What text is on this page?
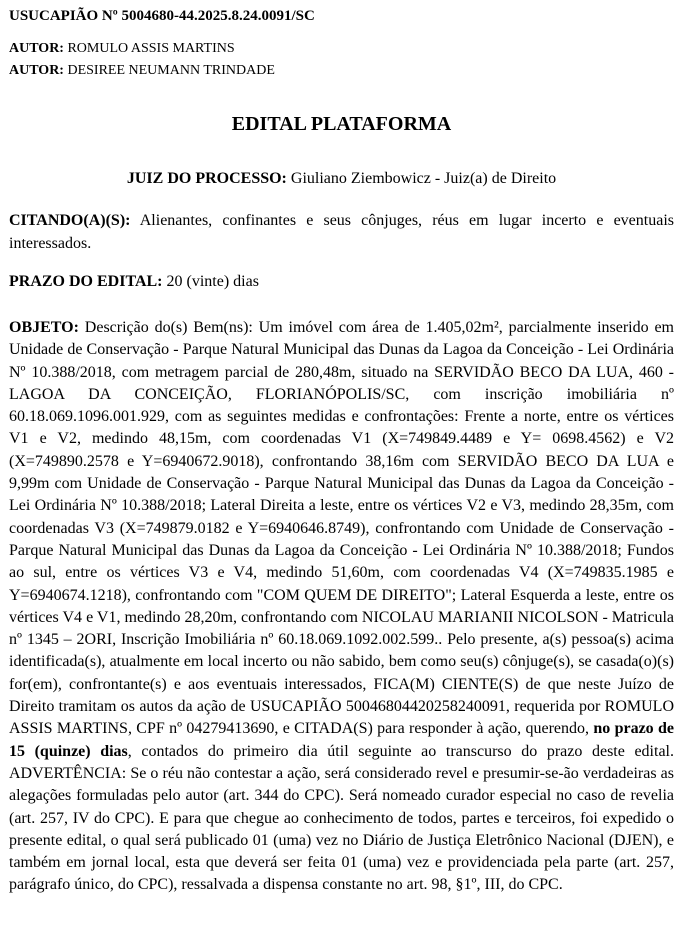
USUCAPIÃO Nº 5004680-44.2025.8.24.0091/SC

AUTOR: ROMULO ASSIS MARTINS
AUTOR: DESIREE NEUMANN TRINDADE
EDITAL PLATAFORMA
JUIZ DO PROCESSO: Giuliano Ziembowicz - Juiz(a) de Direito

CITANDO(A)(S): Alienantes, confinantes e seus cônjuges, réus em lugar incerto e eventuais interessados.

PRAZO DO EDITAL: 20 (vinte) dias

OBJETO: Descrição do(s) Bem(ns): Um imóvel com área de 1.405,02m², parcialmente inserido em Unidade de Conservação - Parque Natural Municipal das Dunas da Lagoa da Conceição - Lei Ordinária Nº 10.388/2018, com metragem parcial de 280,48m, situado na SERVIDÃO BECO DA LUA, 460 - LAGOA DA CONCEIÇÃO, FLORIANÓPOLIS/SC, com inscrição imobiliária nº 60.18.069.1096.001.929, com as seguintes medidas e confrontações: Frente a norte, entre os vértices V1 e V2, medindo 48,15m, com coordenadas V1 (X=749849.4489 e Y= 0698.4562) e V2 (X=749890.2578 e Y=6940672.9018), confrontando 38,16m com SERVIDÃO BECO DA LUA e 9,99m com Unidade de Conservação - Parque Natural Municipal das Dunas da Lagoa da Conceição - Lei Ordinária Nº 10.388/2018; Lateral Direita a leste, entre os vértices V2 e V3, medindo 28,35m, com coordenadas V3 (X=749879.0182 e Y=6940646.8749), confrontando com Unidade de Conservação - Parque Natural Municipal das Dunas da Lagoa da Conceição - Lei Ordinária Nº 10.388/2018; Fundos ao sul, entre os vértices V3 e V4, medindo 51,60m, com coordenadas V4 (X=749835.1985 e Y=6940674.1218), confrontando com "COM QUEM DE DIREITO"; Lateral Esquerda a leste, entre os vértices V4 e V1, medindo 28,20m, confrontando com NICOLAU MARIANII NICOLSON - Matricula nº 1345 – 2ORI, Inscrição Imobiliária nº 60.18.069.1092.002.599.. Pelo presente, a(s) pessoa(s) acima identificada(s), atualmente em local incerto ou não sabido, bem como seu(s) cônjuge(s), se casada(o)(s) for(em), confrontante(s) e aos eventuais interessados, FICA(M) CIENTE(S) de que neste Juízo de Direito tramitam os autos da ação de USUCAPIÃO 50046804420258240091, requerida por ROMULO ASSIS MARTINS, CPF nº 04279413690, e CITADA(S) para responder à ação, querendo, no prazo de 15 (quinze) dias, contados do primeiro dia útil seguinte ao transcurso do prazo deste edital. ADVERTÊNCIA: Se o réu não contestar a ação, será considerado revel e presumir-se-ão verdadeiras as alegações formuladas pelo autor (art. 344 do CPC). Será nomeado curador especial no caso de revelia (art. 257, IV do CPC). E para que chegue ao conhecimento de todos, partes e terceiros, foi expedido o presente edital, o qual será publicado 01 (uma) vez no Diário de Justiça Eletrônico Nacional (DJEN), e também em jornal local, esta que deverá ser feita 01 (uma) vez e providenciada pela parte (art. 257, parágrafo único, do CPC), ressalvada a dispensa constante no art. 98, §1º, III, do CPC.
